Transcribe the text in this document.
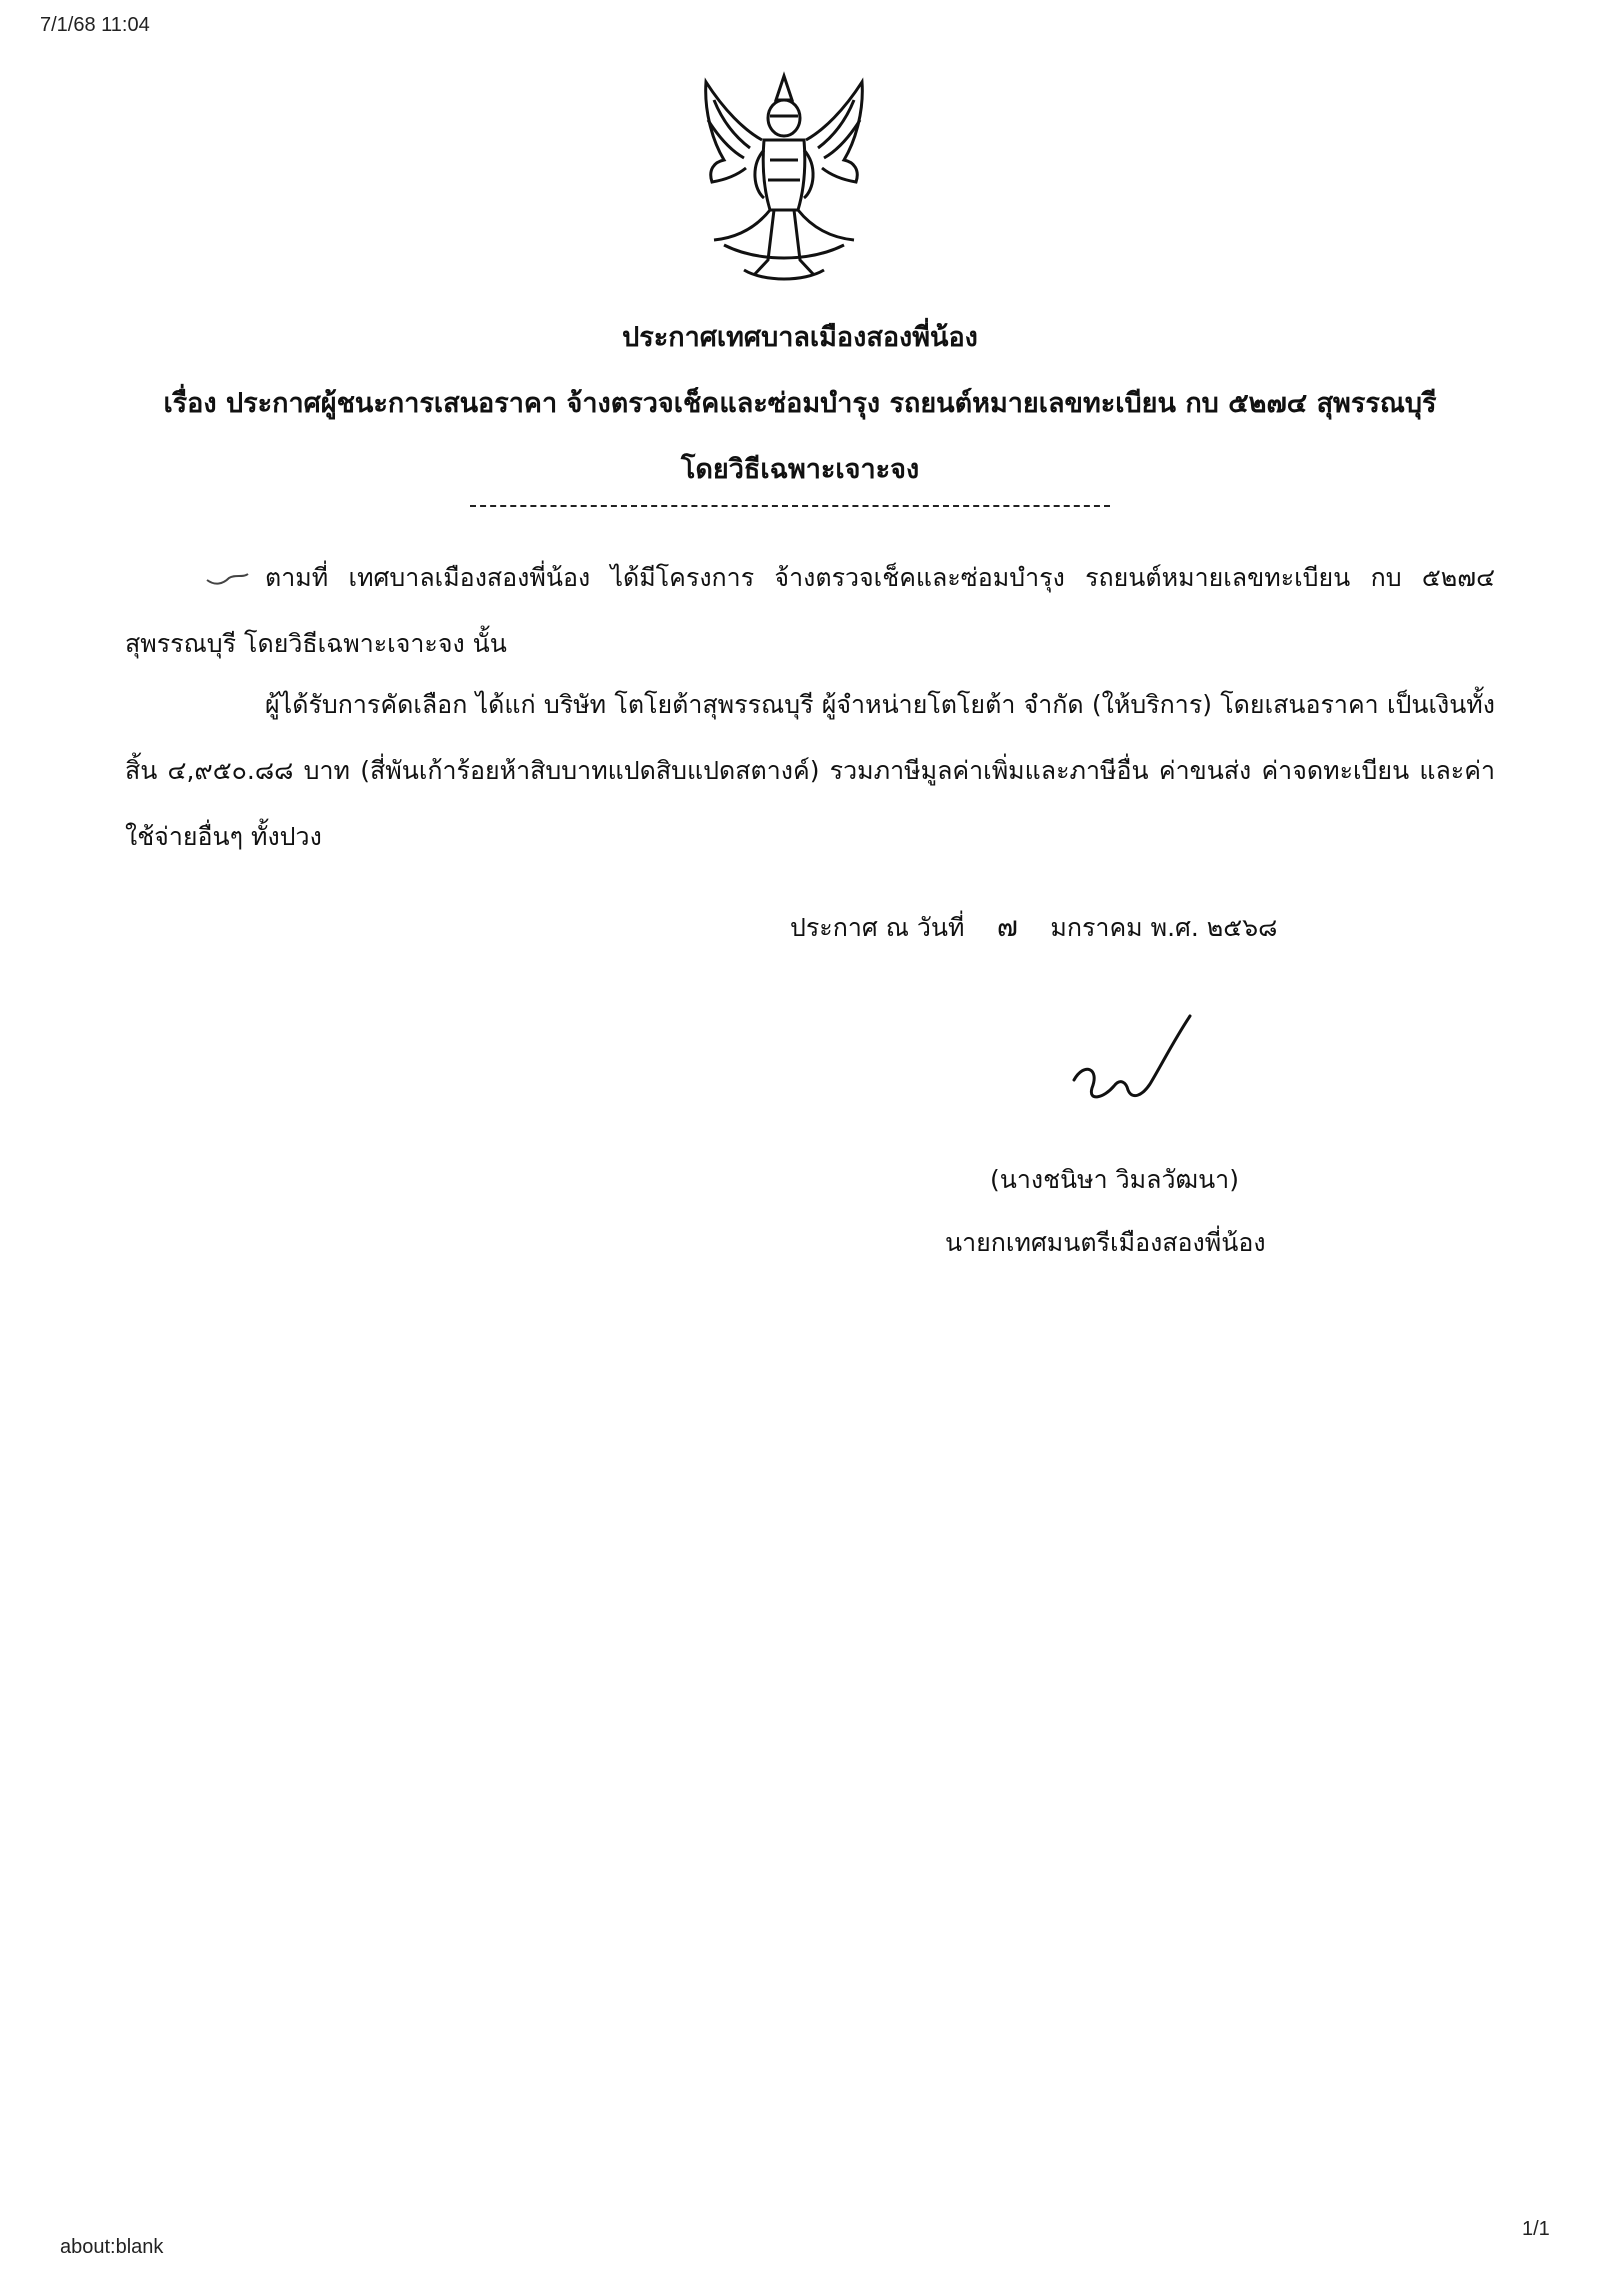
7/1/68 11:04
ประกาศเทศบาลเมืองสองพี่น้อง
เรื่อง ประกาศผู้ชนะการเสนอราคา จ้างตรวจเช็คและซ่อมบำรุง รถยนต์หมายเลขทะเบียน กบ ๕๒๗๔ สุพรรณบุรี
โดยวิธีเฉพาะเจาะจง
ตามที่ เทศบาลเมืองสองพี่น้อง ได้มีโครงการ จ้างตรวจเช็คและซ่อมบำรุง รถยนต์หมายเลขทะเบียน กบ ๕๒๗๔ สุพรรณบุรี โดยวิธีเฉพาะเจาะจง นั้น
ผู้ได้รับการคัดเลือก ได้แก่ บริษัท โตโยต้าสุพรรณบุรี ผู้จำหน่ายโตโยต้า จำกัด (ให้บริการ) โดยเสนอราคา เป็นเงินทั้งสิ้น ๔,๙๕๐.๘๘ บาท (สี่พันเก้าร้อยห้าสิบบาทแปดสิบแปดสตางค์) รวมภาษีมูลค่าเพิ่มและภาษีอื่น ค่าขนส่ง ค่าจดทะเบียน และค่าใช้จ่ายอื่นๆ ทั้งปวง
ประกาศ ณ วันที่ ๗ มกราคม พ.ศ. ๒๕๖๘
(นางชนิษา วิมลวัฒนา)
นายกเทศมนตรีเมืองสองพี่น้อง
about:blank
1/1
